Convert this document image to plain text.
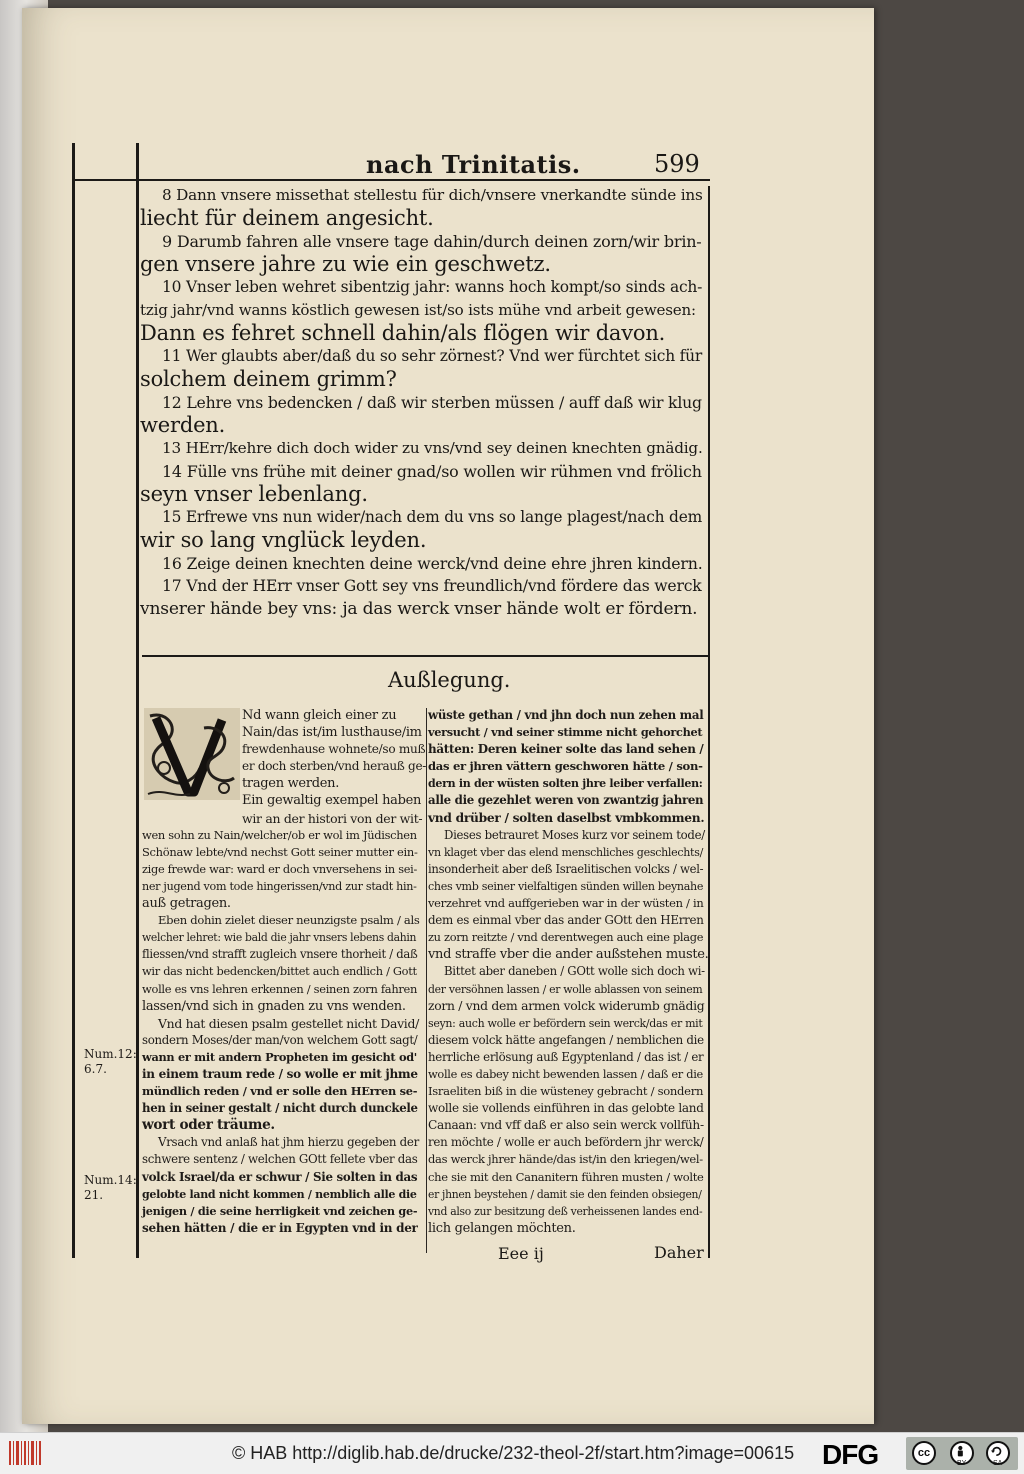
nach Trinitatis.	599
8 Dann vnsere missethat stellestu für dich/vnsere vnerkandte sünde ins
liecht für deinem angesicht.
9 Darumb fahren alle vnsere tage dahin/durch deinen zorn/wir brin-
gen vnsere jahre zu wie ein geschwetz.
10 Vnser leben wehret sibentzig jahr: wanns hoch kompt/so sinds ach-
tzig jahr/vnd wanns köstlich gewesen ist/so ists mühe vnd arbeit gewesen:
Dann es fehret schnell dahin/als flögen wir davon.
11 Wer glaubts aber/daß du so sehr zörnest? Vnd wer fürchtet sich für
solchem deinem grimm?
12 Lehre vns bedencken / daß wir sterben müssen / auff daß wir klug
werden.
13 HErr/kehre dich doch wider zu vns/vnd sey deinen knechten gnädig.
14 Fülle vns frühe mit deiner gnad/so wollen wir rühmen vnd frölich
seyn vnser lebenlang.
15 Erfrewe vns nun wider/nach dem du vns so lange plagest/nach dem
wir so lang vnglück leyden.
16 Zeige deinen knechten deine werck/vnd deine ehre jhren kindern.
17 Vnd der HErr vnser Gott sey vns freundlich/vnd fördere das werck
vnserer hände bey vns: ja das werck vnser hände wolt er fördern.
Außlegung.
Nd wann gleich einer zu
Nain/das ist/im lusthause/im
frewdenhause wohnete/so muß
er doch sterben/vnd herauß ge-
tragen werden.
Ein gewaltig exempel haben
wir an der histori von der wit-
wen sohn zu Nain/welcher/ob er wol im Jüdischen
Schönaw lebte/vnd nechst Gott seiner mutter ein-
zige frewde war: ward er doch vnversehens in sei-
ner jugend vom tode hingerissen/vnd zur stadt hin-
auß getragen.
Eben dohin zielet dieser neunzigste psalm / als
welcher lehret: wie bald die jahr vnsers lebens dahin
fliessen/vnd strafft zugleich vnsere thorheit / daß
wir das nicht bedencken/bittet auch endlich / Gott
wolle es vns lehren erkennen / seinen zorn fahren
lassen/vnd sich in gnaden zu vns wenden.
Vnd hat diesen psalm gestellet nicht David/
sondern Moses/der man/von welchem Gott sagt/
wann er mit andern Propheten im gesicht od'
in einem traum rede / so wolle er mit jhme
mündlich reden / vnd er solle den HErren se-
hen in seiner gestalt / nicht durch dunckele
wort oder träume.
Vrsach vnd anlaß hat jhm hierzu gegeben der
schwere sentenz / welchen GOtt fellete vber das
volck Israel/da er schwur / Sie solten in das
gelobte land nicht kommen / nemblich alle die
jenigen / die seine herrligkeit vnd zeichen ge-
sehen hätten / die er in Egypten vnd in der
wüste gethan / vnd jhn doch nun zehen mal
versucht / vnd seiner stimme nicht gehorchet
hätten: Deren keiner solte das land sehen /
das er jhren vättern geschworen hätte / son-
dern in der wüsten solten jhre leiber verfallen:
alle die gezehlet weren von zwantzig jahren
vnd drüber / solten daselbst vmbkommen.
Dieses betrauret Moses kurz vor seinem tode/
vn klaget vber das elend menschliches geschlechts/
insonderheit aber deß Israelitischen volcks / wel-
ches vmb seiner vielfaltigen sünden willen beynahe
verzehret vnd auffgerieben war in der wüsten / in
dem es einmal vber das ander GOtt den HErren
zu zorn reitzte / vnd derentwegen auch eine plage
vnd straffe vber die ander außstehen muste.
Bittet aber daneben / GOtt wolle sich doch wi-
der versöhnen lassen / er wolle ablassen von seinem
zorn / vnd dem armen volck widerumb gnädig
seyn: auch wolle er befördern sein werck/das er mit
diesem volck hätte angefangen / nemblichen die
herrliche erlösung auß Egyptenland / das ist / er
wolle es dabey nicht bewenden lassen / daß er die
Israeliten biß in die wüsteney gebracht / sondern
wolle sie vollends einführen in das gelobte land
Canaan: vnd vff daß er also sein werck vollfüh-
ren möchte / wolle er auch befördern jhr werck/
das werck jhrer hände/das ist/in den kriegen/wel-
che sie mit den Cananitern führen musten / wolte
er jhnen beystehen / damit sie den feinden obsiegen/
vnd also zur besitzung deß verheissenen landes end-
lich gelangen möchten.
Num.12:
6.7.
Num.14:
21.
Eee ij	Daher
© HAB http://diglib.hab.de/drucke/232-theol-2f/start.htm?image=00615 DFG	cc
BY	SA
